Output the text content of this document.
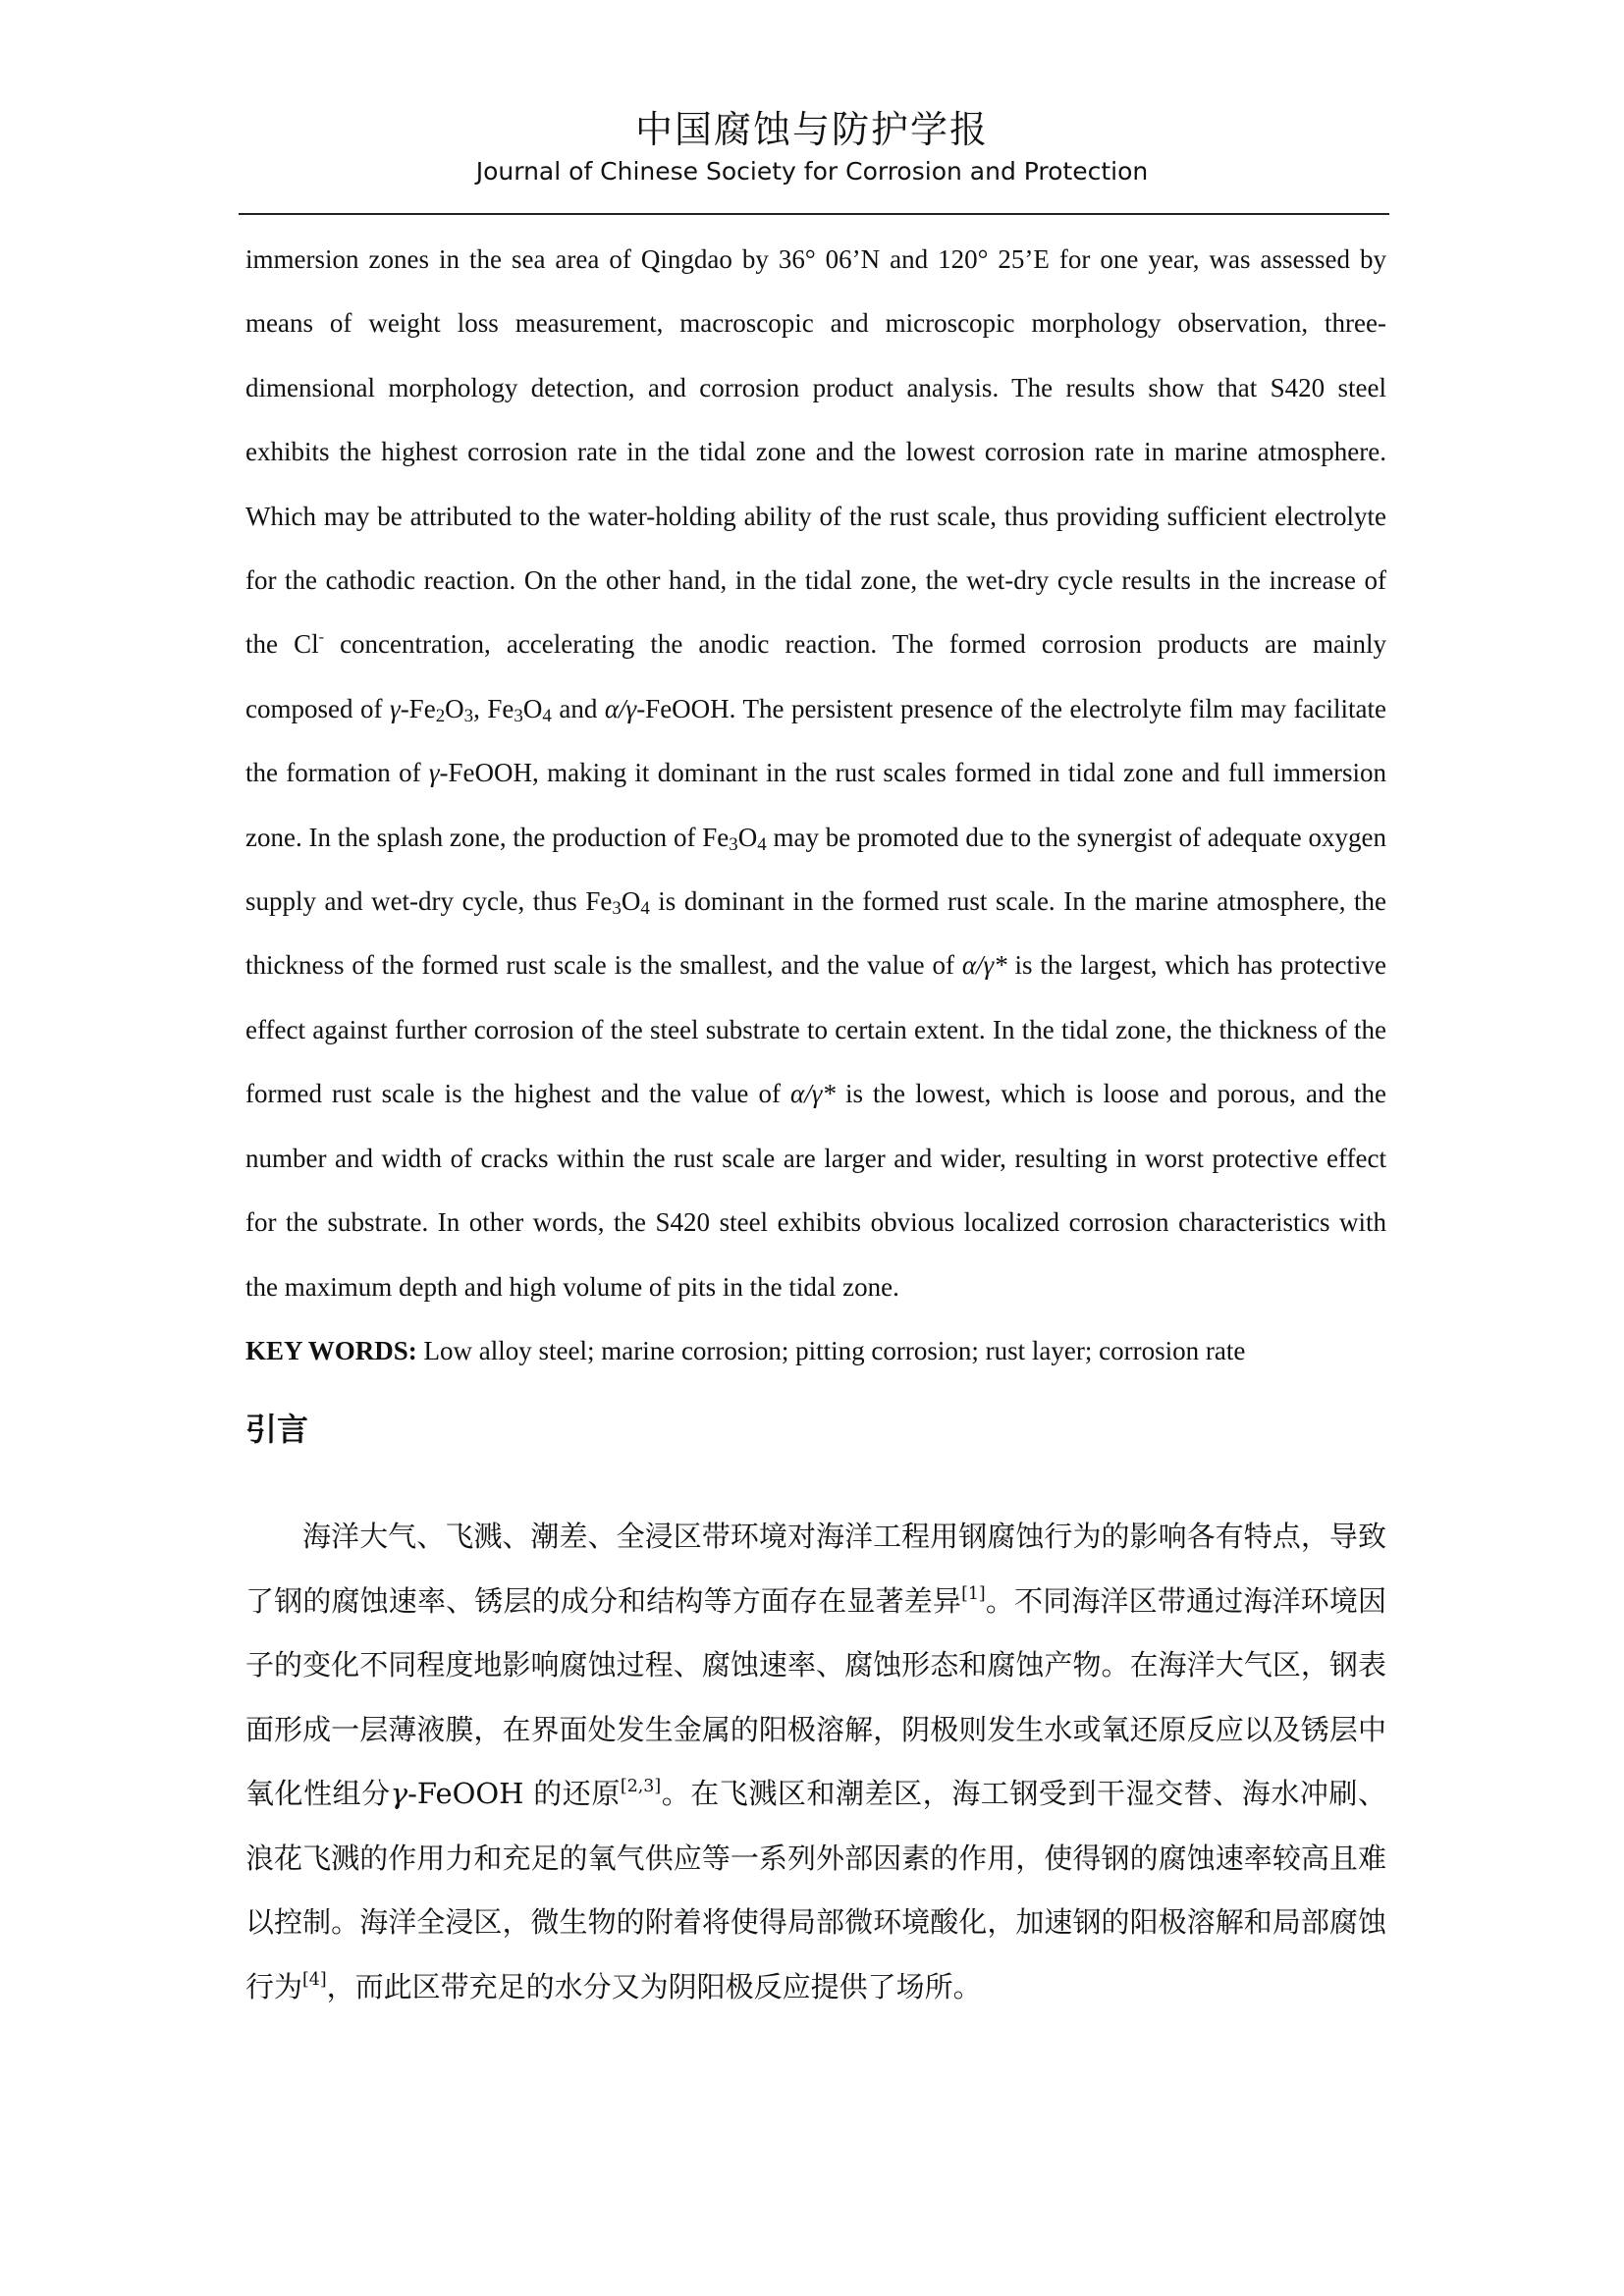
中国腐蚀与防护学报
Journal of Chinese Society for Corrosion and Protection

immersion zones in the sea area of Qingdao by 36° 06’N and 120° 25’E for one year, was assessed by means of weight loss measurement, macroscopic and microscopic morphology observation, three-dimensional morphology detection, and corrosion product analysis. The results show that S420 steel exhibits the highest corrosion rate in the tidal zone and the lowest corrosion rate in marine atmosphere. Which may be attributed to the water-holding ability of the rust scale, thus providing sufficient electrolyte for the cathodic reaction. On the other hand, in the tidal zone, the wet-dry cycle results in the increase of the Cl- concentration, accelerating the anodic reaction. The formed corrosion products are mainly composed of $\gamma-Fe_2O_3$, $Fe_3O_4$ and α/γ-FeOOH. The persistent presence of the electrolyte film may facilitate the formation of γ-FeOOH, making it dominant in the rust scales formed in tidal zone and full immersion zone. In the splash zone, the production of $Fe_3O_4$ may be promoted due to the synergist of adequate oxygen supply and wet-dry cycle, thus $Fe_3O_4$ is dominant in the formed rust scale. In the marine atmosphere, the thickness of the formed rust scale is the smallest, and the value of α/γ* is the largest, which has protective effect against further corrosion of the steel substrate to certain extent. In the tidal zone, the thickness of the formed rust scale is the highest and the value of α/γ* is the lowest, which is loose and porous, and the number and width of cracks within the rust scale are larger and wider, resulting in worst protective effect for the substrate. In other words, the S420 steel exhibits obvious localized corrosion characteristics with the maximum depth and high volume of pits in the tidal zone.

KEY WORDS: Low alloy steel; marine corrosion; pitting corrosion; rust layer; corrosion rate

引言

海洋大气、飞溅、潮差、全浸区带环境对海洋工程用钢腐蚀行为的影响各有特点，导致了钢的腐蚀速率、锈层的成分和结构等方面存在显著差异[1]。不同海洋区带通过海洋环境因子的变化不同程度地影响腐蚀过程、腐蚀速率、腐蚀形态和腐蚀产物。在海洋大气区，钢表面形成一层薄液膜，在界面处发生金属的阳极溶解，阴极则发生水或氧还原反应以及锈层中氧化性组分γ-FeOOH 的还原[2,3]。在飞溅区和潮差区，海工钢受到干湿交替、海水冲刷、浪花飞溅的作用力和充足的氧气供应等一系列外部因素的作用，使得钢的腐蚀速率较高且难以控制。海洋全浸区，微生物的附着将使得局部微环境酸化，加速钢的阳极溶解和局部腐蚀行为[4]，而此区带充足的水分又为阴阳极反应提供了场所。
